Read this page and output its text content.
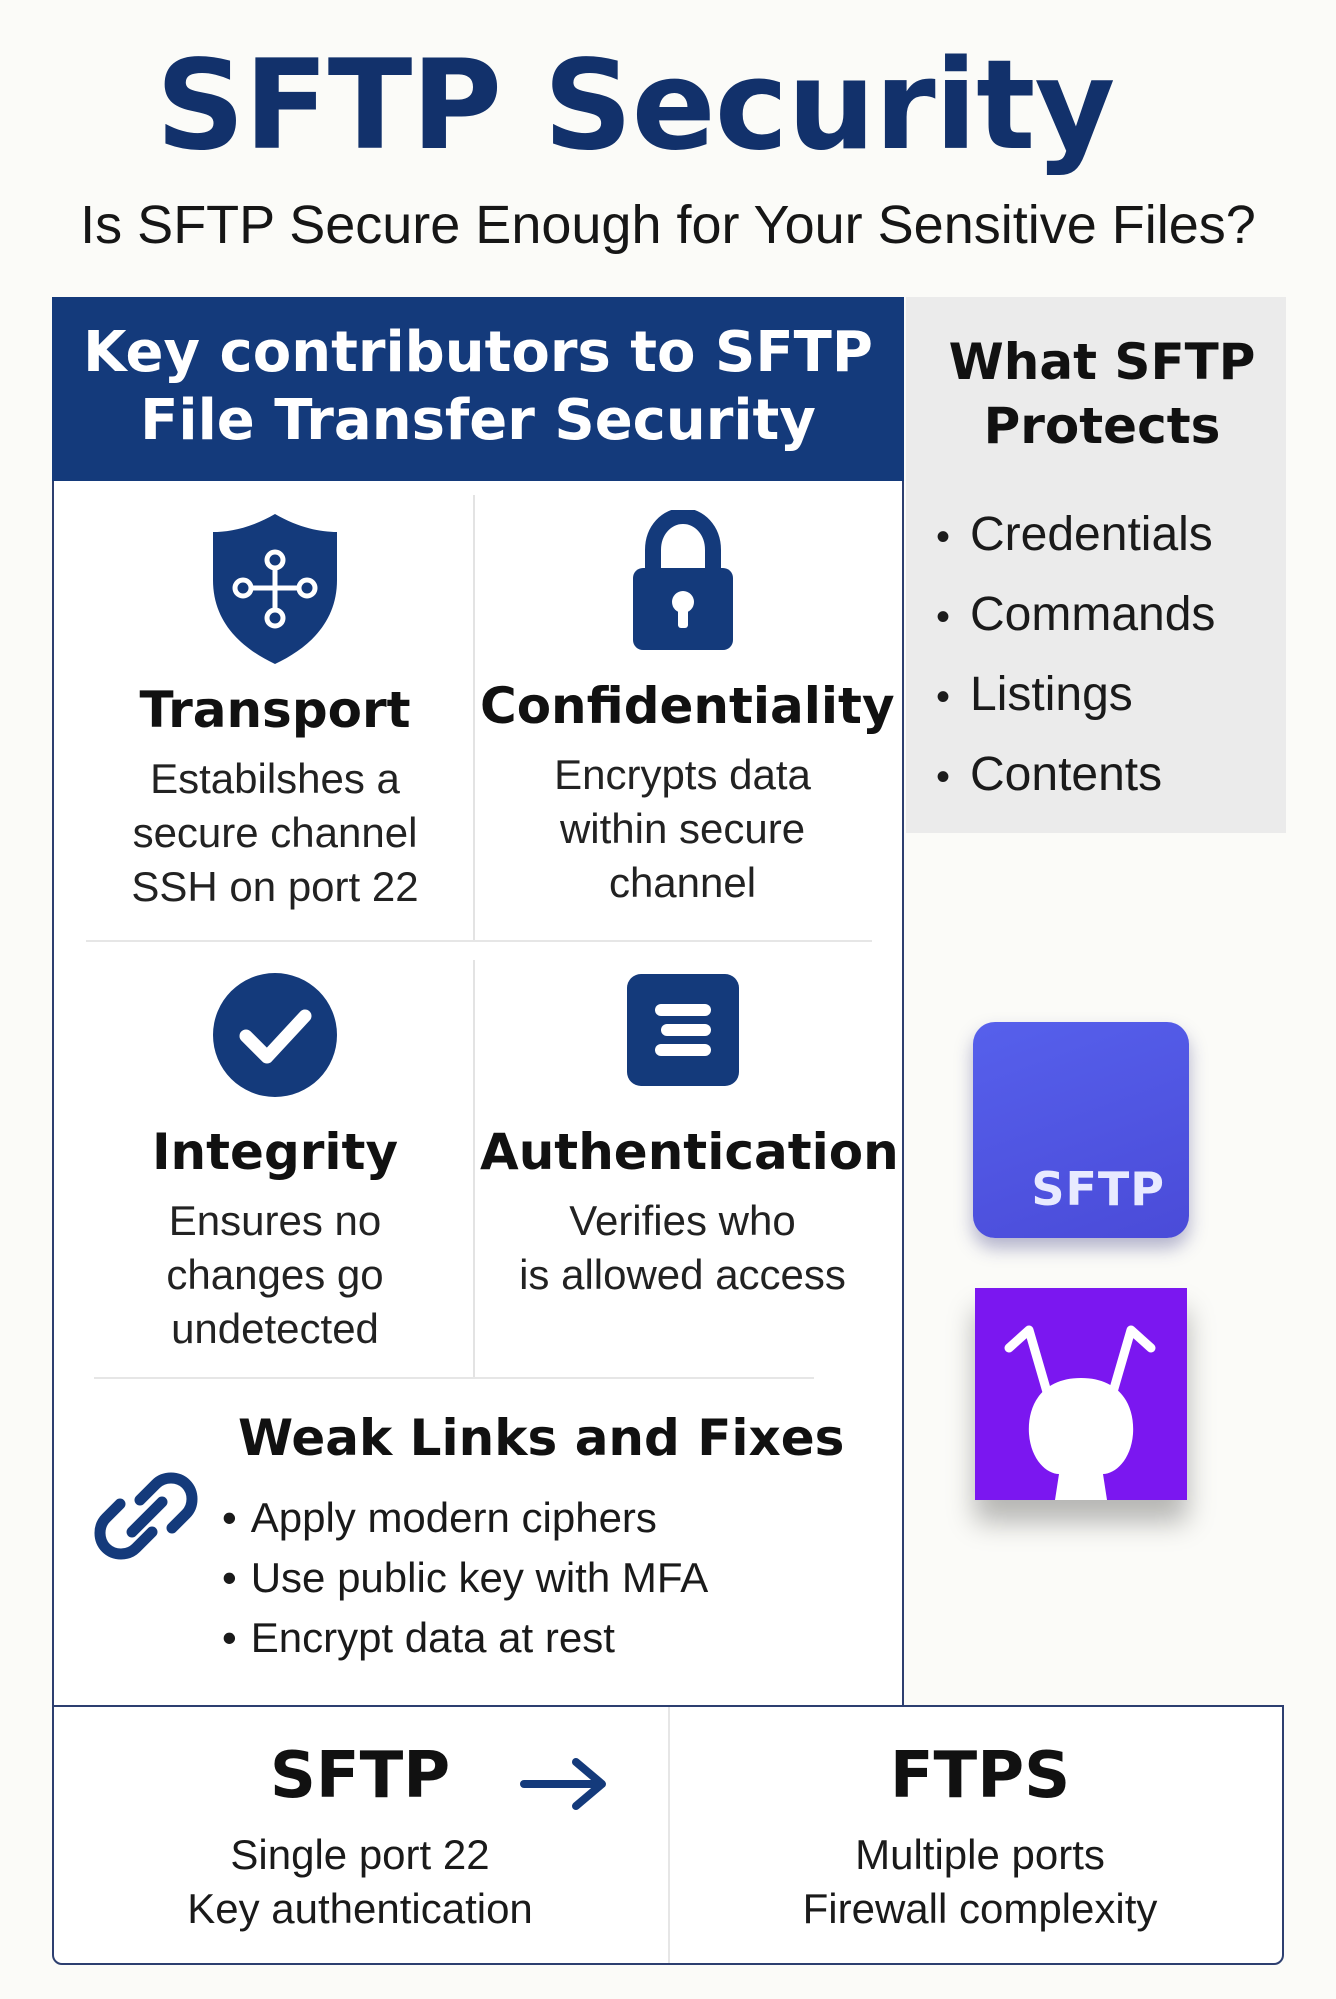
SFTP Security
Is SFTP Secure Enough for Your Sensitive Files?
Key contributors to SFTP
File Transfer Security
Transport
Estabilshes a
secure channel
SSH on port 22
Confidentiality
Encrypts data
within secure
channel
Integrity
Ensures no
changes go
undetected
Authentication
Verifies who
is allowed access
Weak Links and Fixes
• Apply modern ciphers
• Use public key with MFA
• Encrypt data at rest
What SFTP
Protects
• Credentials
• Commands
• Listings
• Contents
SFTP
SFTP
Single port 22
Key authentication
FTPS
Multiple ports
Firewall complexity
